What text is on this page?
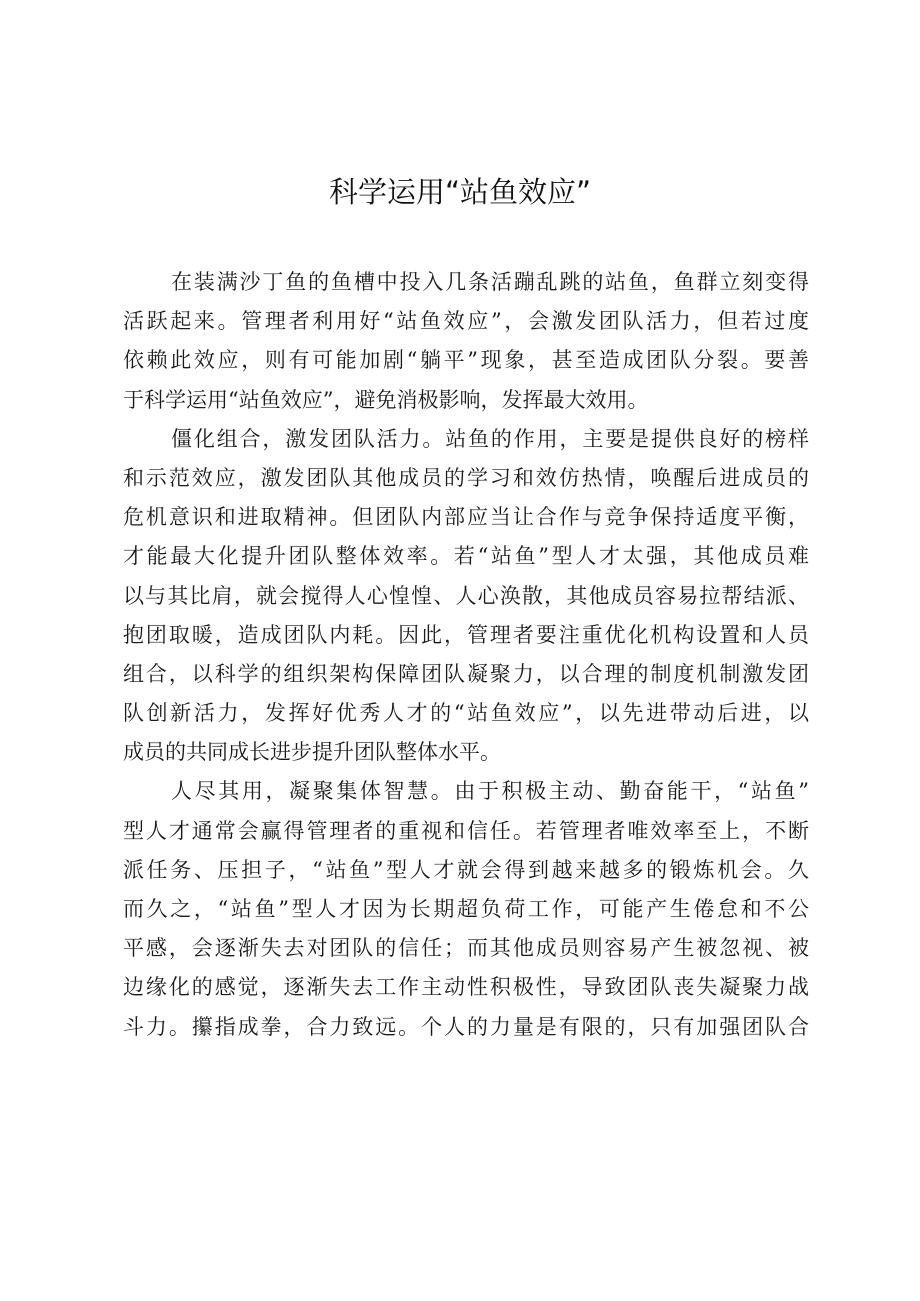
科学运用“站鱼效应”
在装满沙丁鱼的鱼槽中投入几条活蹦乱跳的站鱼，鱼群立刻变得
活跃起来。管理者利用好“站鱼效应”，会激发团队活力，但若过度
依赖此效应，则有可能加剧“躺平”现象，甚至造成团队分裂。要善
于科学运用“站鱼效应”，避免消极影响，发挥最大效用。
僵化组合，激发团队活力。站鱼的作用，主要是提供良好的榜样
和示范效应，激发团队其他成员的学习和效仿热情，唤醒后进成员的
危机意识和进取精神。但团队内部应当让合作与竞争保持适度平衡，
才能最大化提升团队整体效率。若“站鱼”型人才太强，其他成员难
以与其比肩，就会搅得人心惶惶、人心涣散，其他成员容易拉帮结派、
抱团取暖，造成团队内耗。因此，管理者要注重优化机构设置和人员
组合，以科学的组织架构保障团队凝聚力，以合理的制度机制激发团
队创新活力，发挥好优秀人才的“站鱼效应”，以先进带动后进，以
成员的共同成长进步提升团队整体水平。
人尽其用，凝聚集体智慧。由于积极主动、勤奋能干，“站鱼”
型人才通常会赢得管理者的重视和信任。若管理者唯效率至上，不断
派任务、压担子，“站鱼”型人才就会得到越来越多的锻炼机会。久
而久之，“站鱼”型人才因为长期超负荷工作，可能产生倦怠和不公
平感，会逐渐失去对团队的信任；而其他成员则容易产生被忽视、被
边缘化的感觉，逐渐失去工作主动性积极性，导致团队丧失凝聚力战
斗力。攥指成拳，合力致远。个人的力量是有限的，只有加强团队合
